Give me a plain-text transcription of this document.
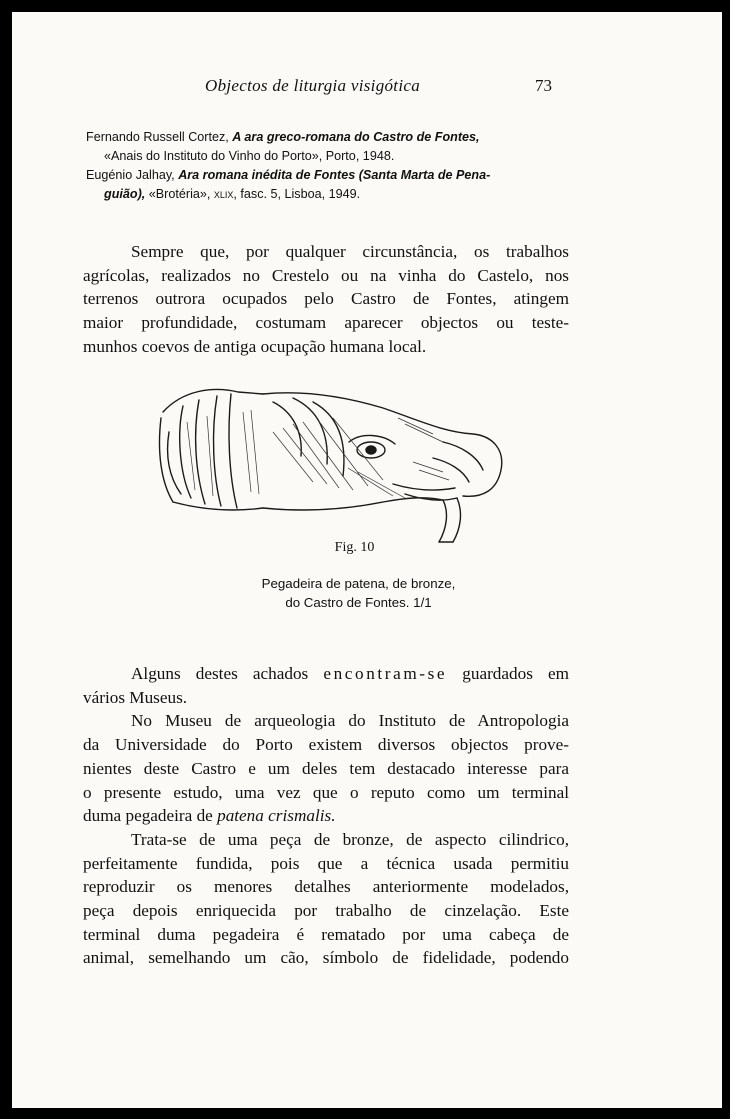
Objectos de liturgia visigótica	73

Fernando Russell Cortez, A ara greco-romana do Castro de Fontes,

«Anais do Instituto do Vinho do Porto», Porto, 1948.

Eugénio Jalhay, Ara romana inédita de Fontes (Santa Marta de Pena-

guião), «Brotéria», xlix, fasc. 5, Lisboa, 1949.

Sempre que, por qualquer circunstância, os trabalhos
agrícolas, realizados no Crestelo ou na vinha do Castelo, nos
terrenos outrora ocupados pelo Castro de Fontes, atingem
maior profundidade, costumam aparecer objectos ou teste-
munhos coevos de antiga ocupação humana local.
Fig. 10
Pegadeira de patena, de bronze,
do Castro de Fontes. 1/1
Alguns destes achados encontram-se guardados em
vários Museus.
No Museu de arqueologia do Instituto de Antropologia
da Universidade do Porto existem diversos objectos prove-
nientes deste Castro e um deles tem destacado interesse para
o presente estudo, uma vez que o reputo como um terminal
duma pegadeira de patena crismalis.
Trata-se de uma peça de bronze, de aspecto cilindrico,
perfeitamente fundida, pois que a técnica usada permitiu
reproduzir os menores detalhes anteriormente modelados,
peça depois enriquecida por trabalho de cinzelação. Este
terminal duma pegadeira é rematado por uma cabeça de
animal, semelhando um cão, símbolo de fidelidade, podendo
